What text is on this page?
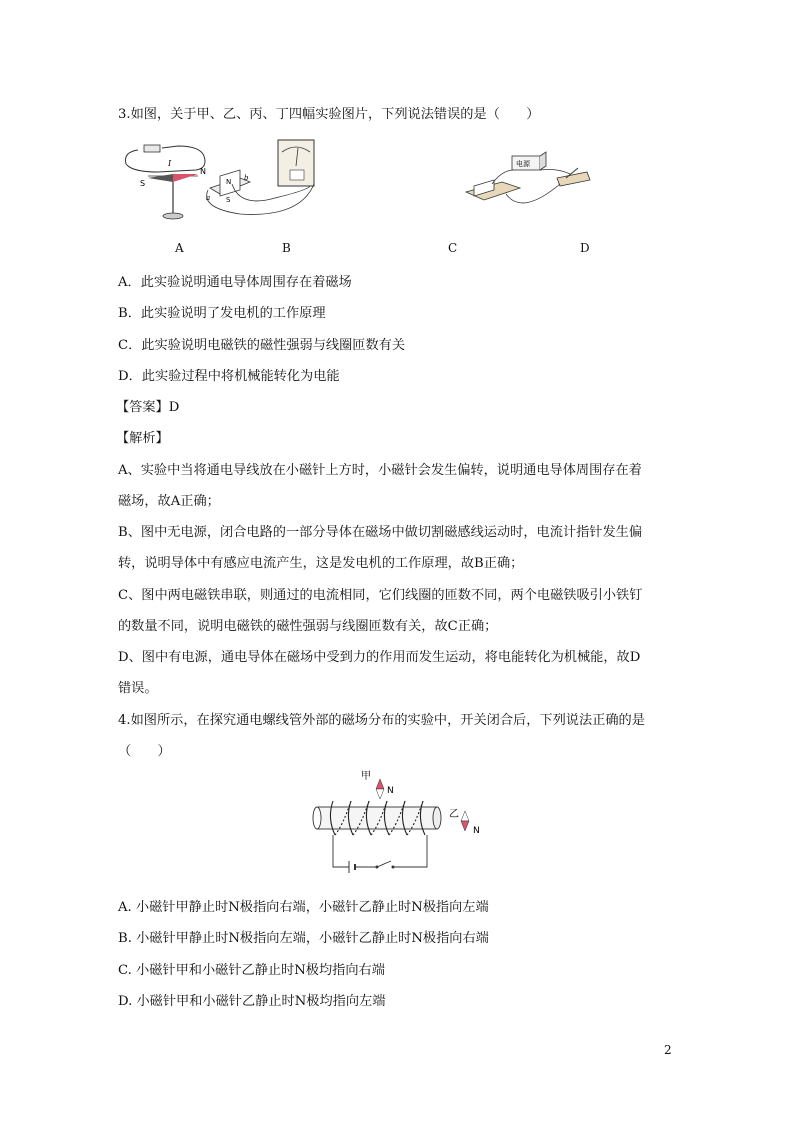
3.如图，关于甲、乙、丙、丁四幅实验图片，下列说法错误的是（　　）
S
N
I
N
S
b
a
电源
A	B	C	D
A．此实验说明通电导体周围存在着磁场
B．此实验说明了发电机的工作原理
C．此实验说明电磁铁的磁性强弱与线圈匝数有关
D．此实验过程中将机械能转化为电能
【答案】D
【解析】
A、实验中当将通电导线放在小磁针上方时，小磁针会发生偏转，说明通电导体周围存在着
磁场，故A正确；
B、图中无电源，闭合电路的一部分导体在磁场中做切割磁感线运动时，电流计指针发生偏
转，说明导体中有感应电流产生，这是发电机的工作原理，故B正确；
C、图中两电磁铁串联，则通过的电流相同，它们线圈的匝数不同，两个电磁铁吸引小铁钉
的数量不同，说明电磁铁的磁性强弱与线圈匝数有关，故C正确；
D、图中有电源，通电导体在磁场中受到力的作用而发生运动，将电能转化为机械能，故D
错误。
4.如图所示，在探究通电螺线管外部的磁场分布的实验中，开关闭合后，下列说法正确的是
（　　）
甲
N
乙
N
A. 小磁针甲静止时N极指向右端，小磁针乙静止时N极指向左端
B. 小磁针甲静止时N极指向左端，小磁针乙静止时N极指向右端
C. 小磁针甲和小磁针乙静止时N极均指向右端
D. 小磁针甲和小磁针乙静止时N极均指向左端
2
